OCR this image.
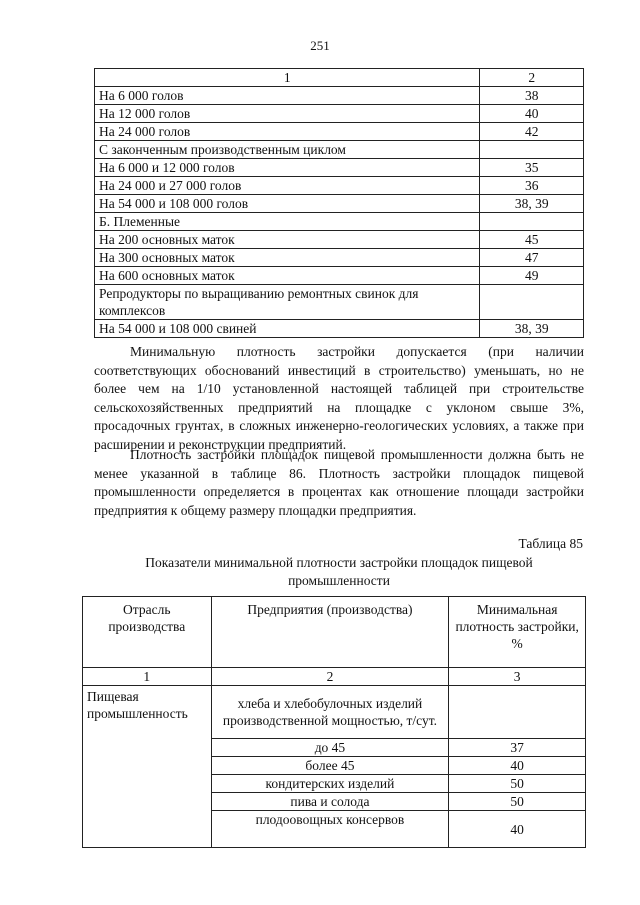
251
1	2
На 6 000 голов	38
На 12 000 голов	40
На 24 000 голов	42
С законченным производственным циклом	
На 6 000 и 12 000 голов	35
На 24 000 и 27 000 голов	36
На 54 000 и 108 000 голов	38, 39
Б. Племенные	
На 200 основных маток	45
На 300 основных маток	47
На 600 основных маток	49
Репродукторы по выращиванию ремонтных свинок для комплексов	
На 54 000 и 108 000 свиней	38, 39
Минимальную плотность застройки допускается (при наличии соответствующих обоснований инвестиций в строительство) уменьшать, но не более чем на 1/10 установленной настоящей таблицей при строительстве сельскохозяйственных предприятий на площадке с уклоном свыше 3%, просадочных грунтах, в сложных инженерно-геологических условиях, а также при расширении и реконструкции предприятий.
Плотность застройки площадок пищевой промышленности должна быть не менее указанной в таблице 86. Плотность застройки площадок пищевой промышленности определяется в процентах как отношение площади застройки предприятия к общему размеру площадки предприятия.
Таблица 85
Показатели минимальной плотности застройки площадок пищевой промышленности
Отрасль производства	Предприятия (производства)	Минимальная плотность застройки, %
1	2	3
Пищевая промышленность	хлеба и хлебобулочных изделий производственной мощностью, т/сут.	
	до 45	37
	более 45	40
	кондитерских изделий	50
	пива и солода	50
	плодоовощных консервов	40
